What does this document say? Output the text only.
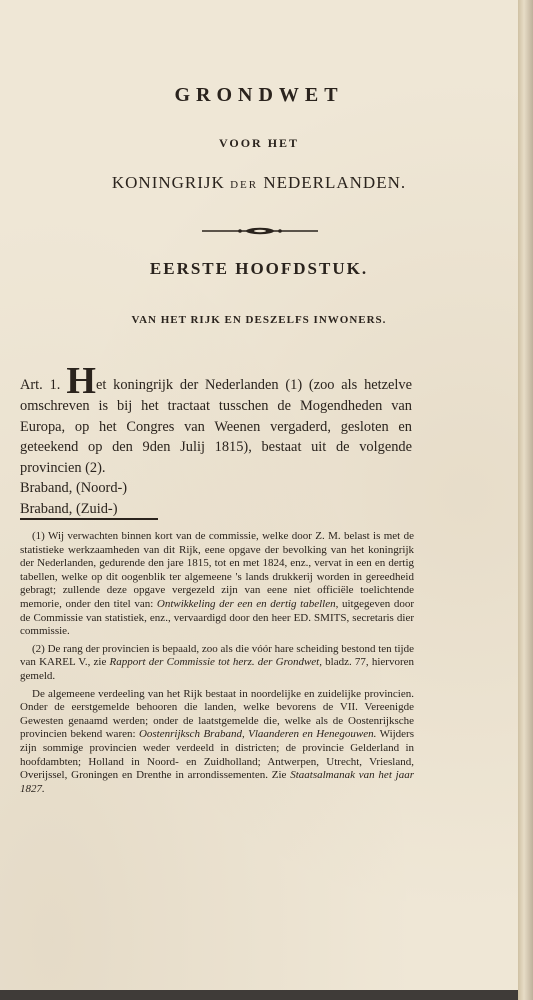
GRONDWET
VOOR HET
KONINGRIJK DER NEDERLANDEN.
EERSTE HOOFDSTUK.
VAN HET RIJK EN DESZELFS INWONERS.
Art. 1. Het koningrijk der Nederlanden (1) (zoo als hetzelve omschreven is bij het tractaat tusschen de Mogendheden van Europa, op het Congres van Weenen vergaderd, gesloten en geteekend op den 9den Julij 1815), bestaat uit de volgende provincien (2).
Braband, (Noord-)
Braband, (Zuid-)

(1) Wij verwachten binnen kort van de commissie, welke door Z. M. belast is met de statistieke werkzaamheden van dit Rijk, eene opgave der bevolking van het koningrijk der Nederlanden, gedurende den jare 1815, tot en met 1824, enz., vervat in een en dertig tabellen, welke op dit oogenblik ter algemeene 's lands drukkerij worden in gereedheid gebragt; zullende deze opgave vergezeld zijn van eene niet officiële toelichtende memorie, onder den titel van: Ontwikkeling der een en dertig tabellen, uitgegeven door de Commissie van statistiek, enz., vervaardigd door den heer ED. SMITS, secretaris dier commissie.

(2) De rang der provincien is bepaald, zoo als die vóór hare scheiding bestond ten tijde van KAREL V., zie Rapport der Commissie tot herz. der Grondwet, bladz. 77, hiervoren gemeld.

De algemeene verdeeling van het Rijk bestaat in noordelijke en zuidelijke provincien. Onder de eerstgemelde behooren die landen, welke bevorens de VII. Vereenigde Gewesten genaamd werden; onder de laatstgemelde die, welke als de Oostenrijksche provincien bekend waren: Oostenrijksch Braband, Vlaanderen en Henegouwen. Wijders zijn sommige provincien weder verdeeld in districten; de provincie Gelderland in hoofdambten; Holland in Noord- en Zuidholland; Antwerpen, Utrecht, Vriesland, Overijssel, Groningen en Drenthe in arrondissementen. Zie Staatsalmanak van het jaar 1827.
